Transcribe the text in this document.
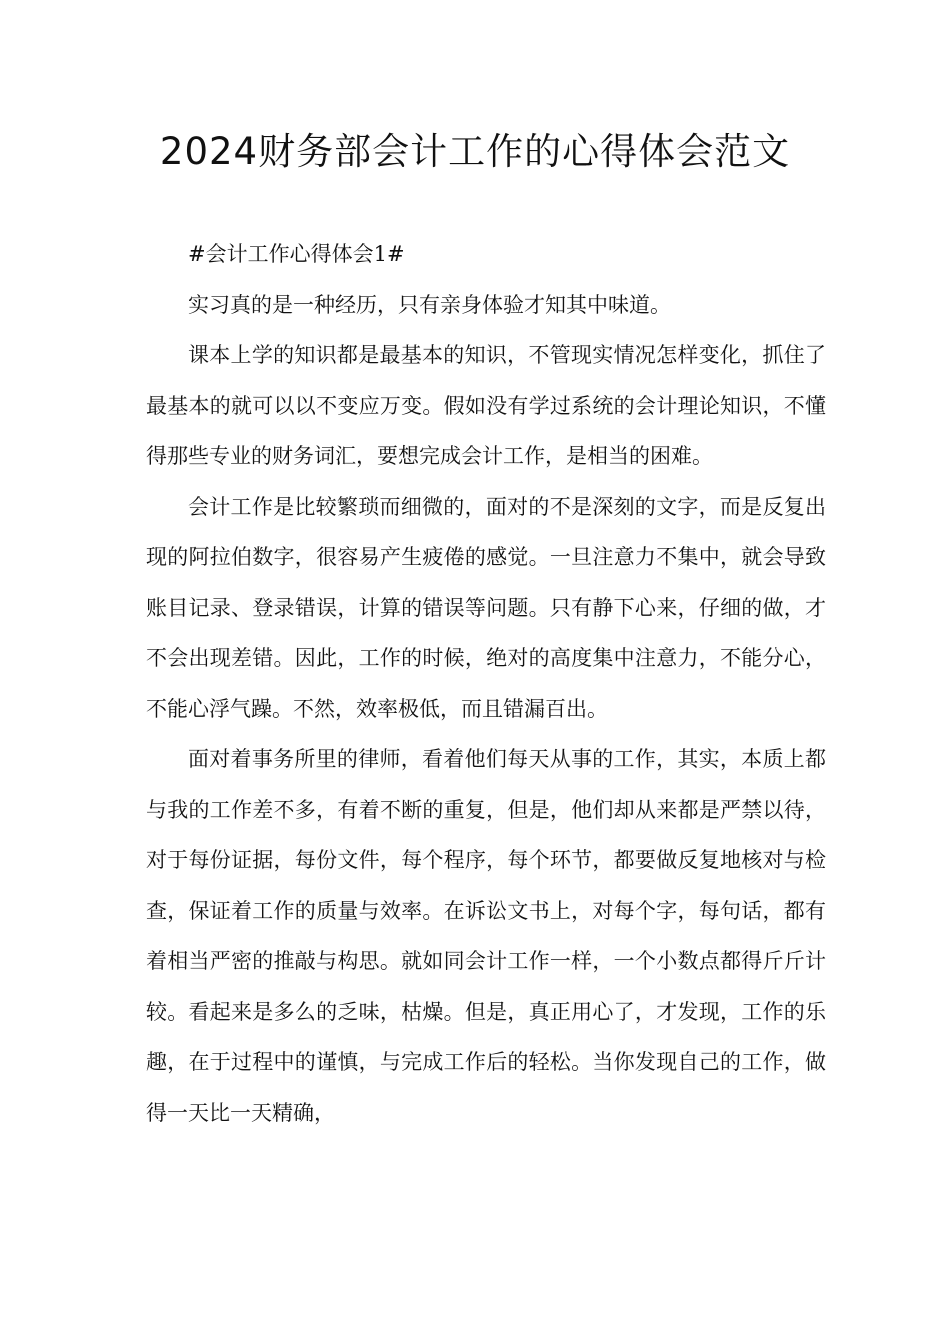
2024财务部会计工作的心得体会范文

#会计工作心得体会1#

实习真的是一种经历，只有亲身体验才知其中味道。

课本上学的知识都是最基本的知识，不管现实情况怎样变化，抓住了最基本的就可以以不变应万变。假如没有学过系统的会计理论知识，不懂得那些专业的财务词汇，要想完成会计工作，是相当的困难。

会计工作是比较繁琐而细微的，面对的不是深刻的文字，而是反复出现的阿拉伯数字，很容易产生疲倦的感觉。一旦注意力不集中，就会导致账目记录、登录错误，计算的错误等问题。只有静下心来，仔细的做，才不会出现差错。因此，工作的时候，绝对的高度集中注意力，不能分心，不能心浮气躁。不然，效率极低，而且错漏百出。

面对着事务所里的律师，看着他们每天从事的工作，其实，本质上都与我的工作差不多，有着不断的重复，但是，他们却从来都是严禁以待，对于每份证据，每份文件，每个程序，每个环节，都要做反复地核对与检查，保证着工作的质量与效率。在诉讼文书上，对每个字，每句话，都有着相当严密的推敲与构思。就如同会计工作一样，一个小数点都得斤斤计较。看起来是多么的乏味，枯燥。但是，真正用心了，才发现，工作的乐趣，在于过程中的谨慎，与完成工作后的轻松。当你发现自己的工作，做得一天比一天精确，
